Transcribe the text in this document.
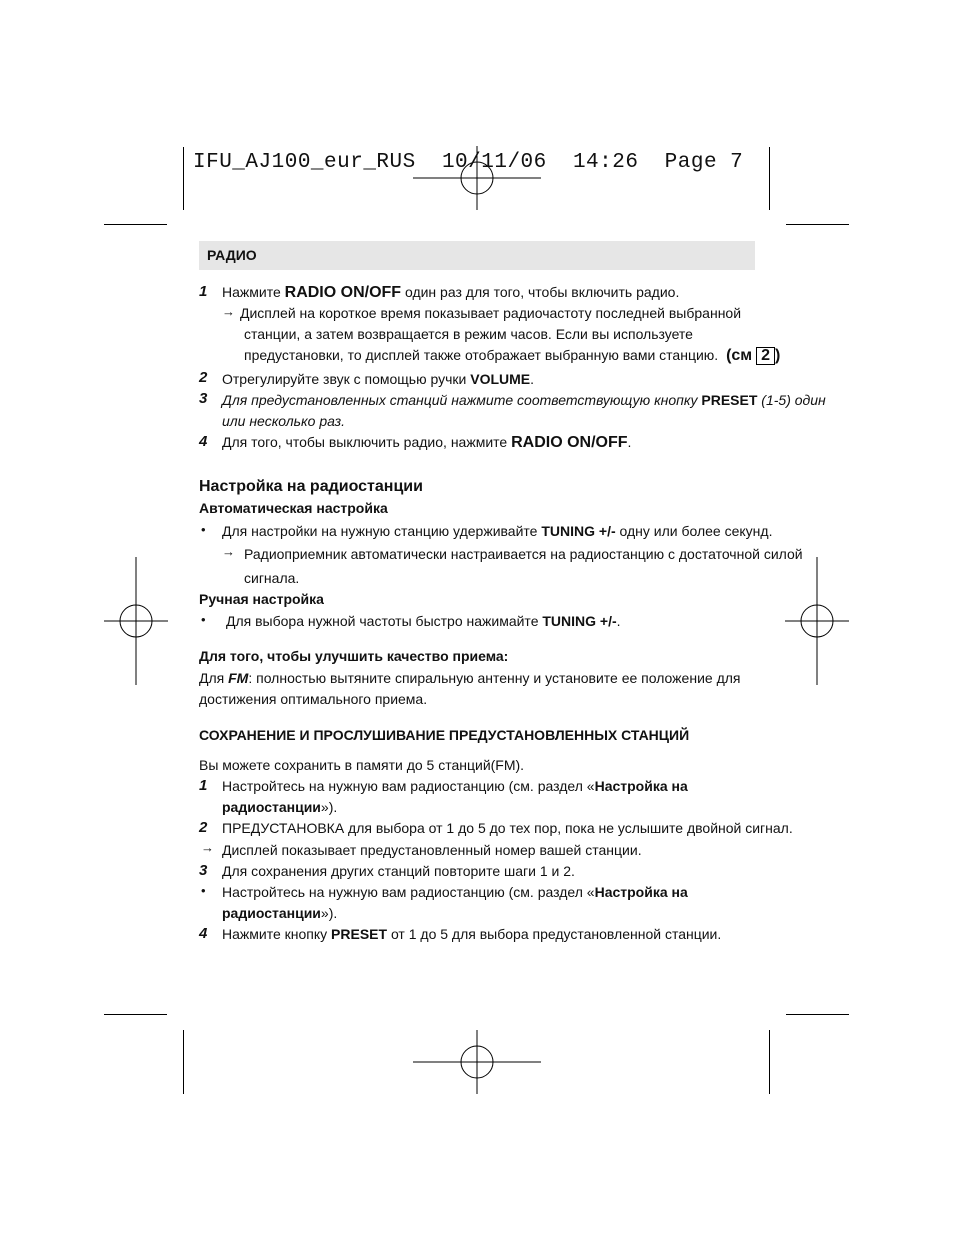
IFU_AJ100_eur_RUS  10/11/06  14:26  Page 7
РАДИО
1 Нажмите RADIO ON/OFF один раз для того, чтобы включить радио.
→ Дисплей на короткое время показывает радиочастоту последней выбранной
станции, а затем возвращается в режим часов. Если вы используете
предустановки, то дисплей также отображает выбранную вами станцию. (см 2 )
2 Отрегулируйте звук с помощью ручки VOLUME.
3 Для предустановленных станций нажмите соответствующую кнопку PRESET (1-5) один
или несколько раз.
4 Для того, чтобы выключить радио, нажмите RADIO ON/OFF.
Настройка на радиостанции
Автоматическая настройка
• Для настройки на нужную станцию удерживайте TUNING +/- одну или более секунд.
→ Радиоприемник автоматически настраивается на радиостанцию с достаточной силой
сигнала.
Ручная настройка
• Для выбора нужной частоты быстро нажимайте TUNING +/-.
Для того, чтобы улучшить качество приема:
Для FM: полностью вытяните спиральную антенну и установите ее положение для
достижения оптимального приема.
СОХРАНЕНИЕ И ПРОСЛУШИВАНИЕ ПРЕДУСТАНОВЛЕННЫХ СТАНЦИЙ
Вы можете сохранить в памяти до 5 станций(FM).
1 Настройтесь на нужную вам радиостанцию (см. раздел «Настройка на
радиостанции»).
2 ПРЕДУСТАНОВКА для выбора от 1 до 5 до тех пор, пока не услышите двойной сигнал.
→ Дисплей показывает предустановленный номер вашей станции.
3 Для сохранения других станций повторите шаги 1 и 2.
• Настройтесь на нужную вам радиостанцию (см. раздел «Настройка на
радиостанции»).
4 Нажмите кнопку PRESET от 1 до 5 для выбора предустановленной станции.
